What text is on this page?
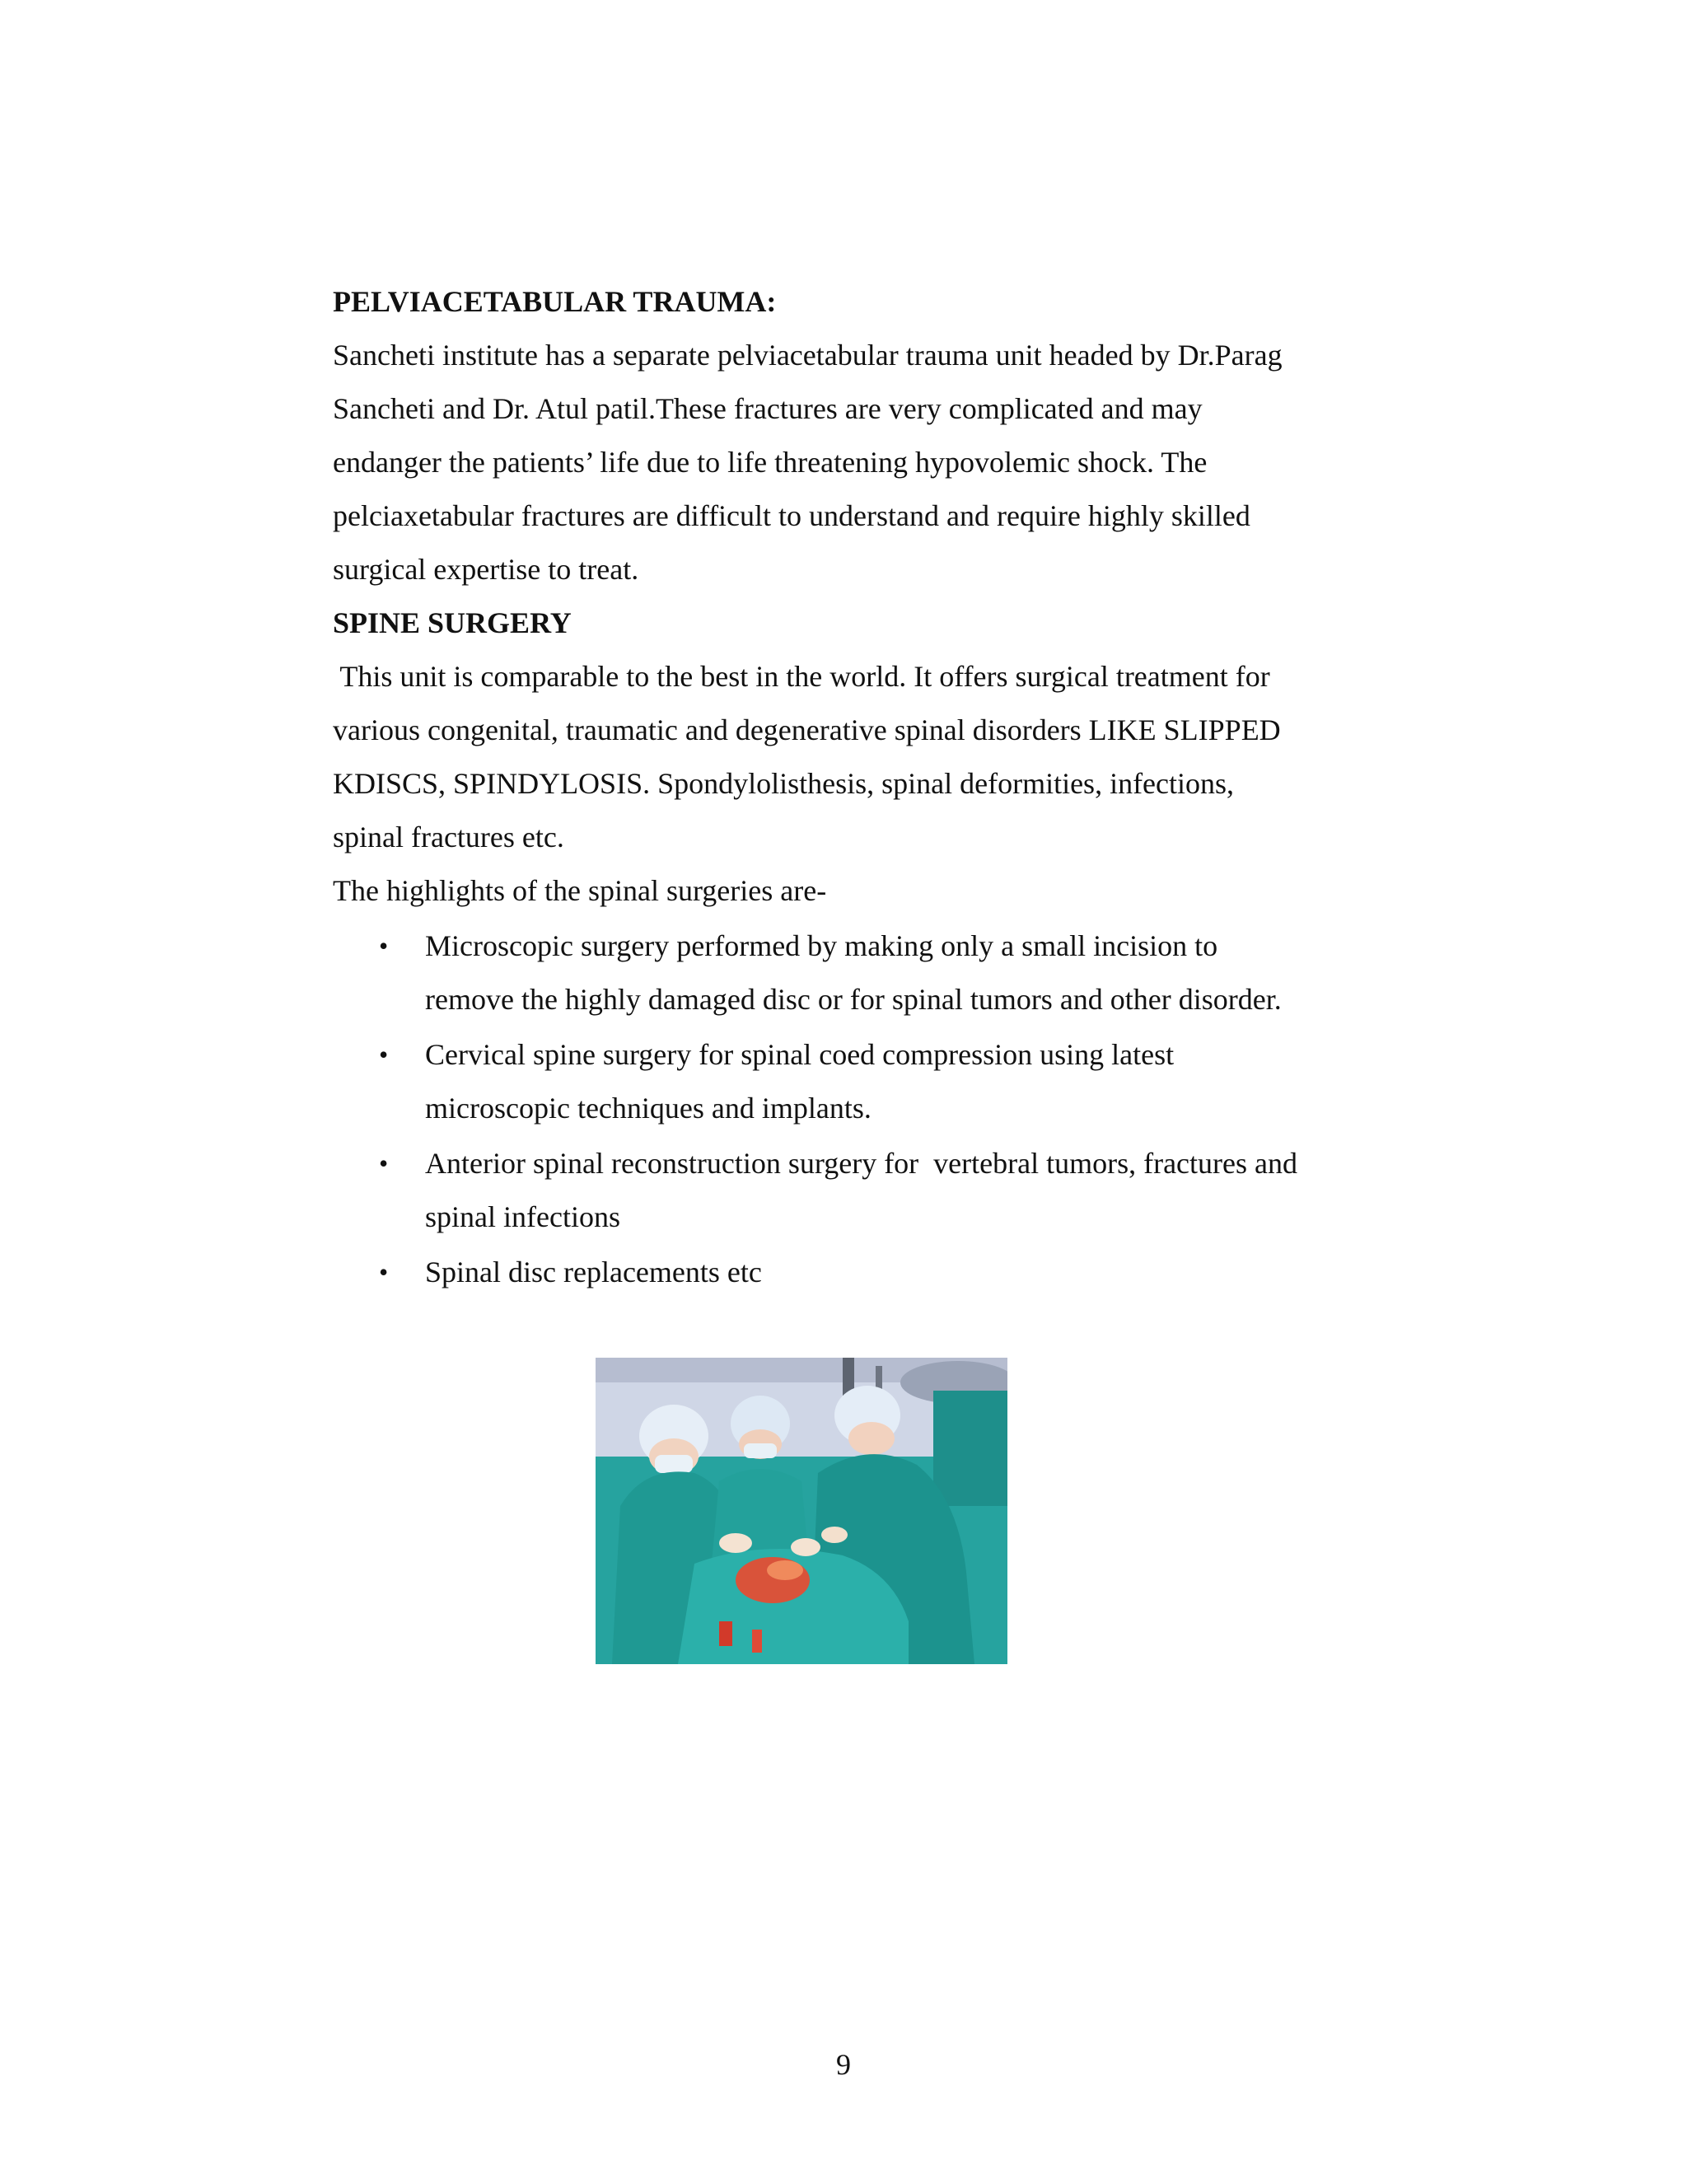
PELVIACETABULAR TRAUMA:

Sancheti institute has a separate pelviacetabular trauma unit headed by Dr.Parag
Sancheti and Dr. Atul patil.These fractures are very complicated and may
endanger the patients’ life due to life threatening hypovolemic shock. The
pelciaxetabular fractures are difficult to understand and require highly skilled
surgical expertise to treat.

SPINE SURGERY

This unit is comparable to the best in the world. It offers surgical treatment for
various congenital, traumatic and degenerative spinal disorders LIKE SLIPPED
KDISCS, SPINDYLOSIS. Spondylolisthesis, spinal deformities, infections,
spinal fractures etc.
The highlights of the spinal surgeries are-

• Microscopic surgery performed by making only a small incision to
remove the highly damaged disc or for spinal tumors and other disorder.
• Cervical spine surgery for spinal coed compression using latest
microscopic techniques and implants.
• Anterior spinal reconstruction surgery for  vertebral tumors, fractures and
spinal infections
• Spinal disc replacements etc
9
